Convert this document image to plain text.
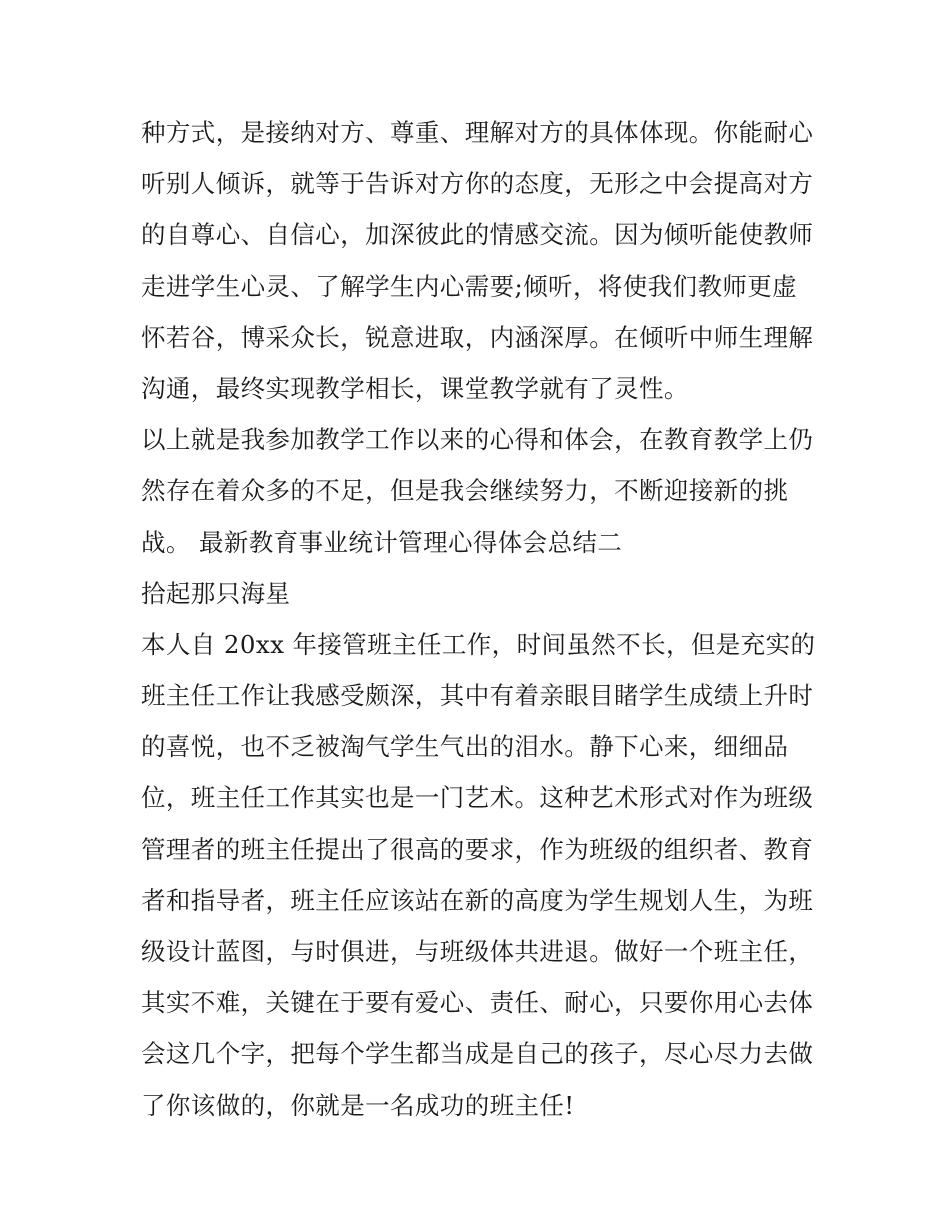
种方式，是接纳对方、尊重、理解对方的具体体现。你能耐心
听别人倾诉，就等于告诉对方你的态度，无形之中会提高对方
的自尊心、自信心，加深彼此的情感交流。因为倾听能使教师
走进学生心灵、了解学生内心需要;倾听，将使我们教师更虚
怀若谷，博采众长，锐意进取，内涵深厚。在倾听中师生理解
沟通，最终实现教学相长，课堂教学就有了灵性。
以上就是我参加教学工作以来的心得和体会，在教育教学上仍
然存在着众多的不足，但是我会继续努力，不断迎接新的挑
战。 最新教育事业统计管理心得体会总结二
拾起那只海星
本人自 20xx 年接管班主任工作，时间虽然不长，但是充实的
班主任工作让我感受颇深，其中有着亲眼目睹学生成绩上升时
的喜悦，也不乏被淘气学生气出的泪水。静下心来，细细品
位，班主任工作其实也是一门艺术。这种艺术形式对作为班级
管理者的班主任提出了很高的要求，作为班级的组织者、教育
者和指导者，班主任应该站在新的高度为学生规划人生，为班
级设计蓝图，与时俱进，与班级体共进退。做好一个班主任，
其实不难，关键在于要有爱心、责任、耐心，只要你用心去体
会这几个字，把每个学生都当成是自己的孩子，尽心尽力去做
了你该做的，你就是一名成功的班主任!
